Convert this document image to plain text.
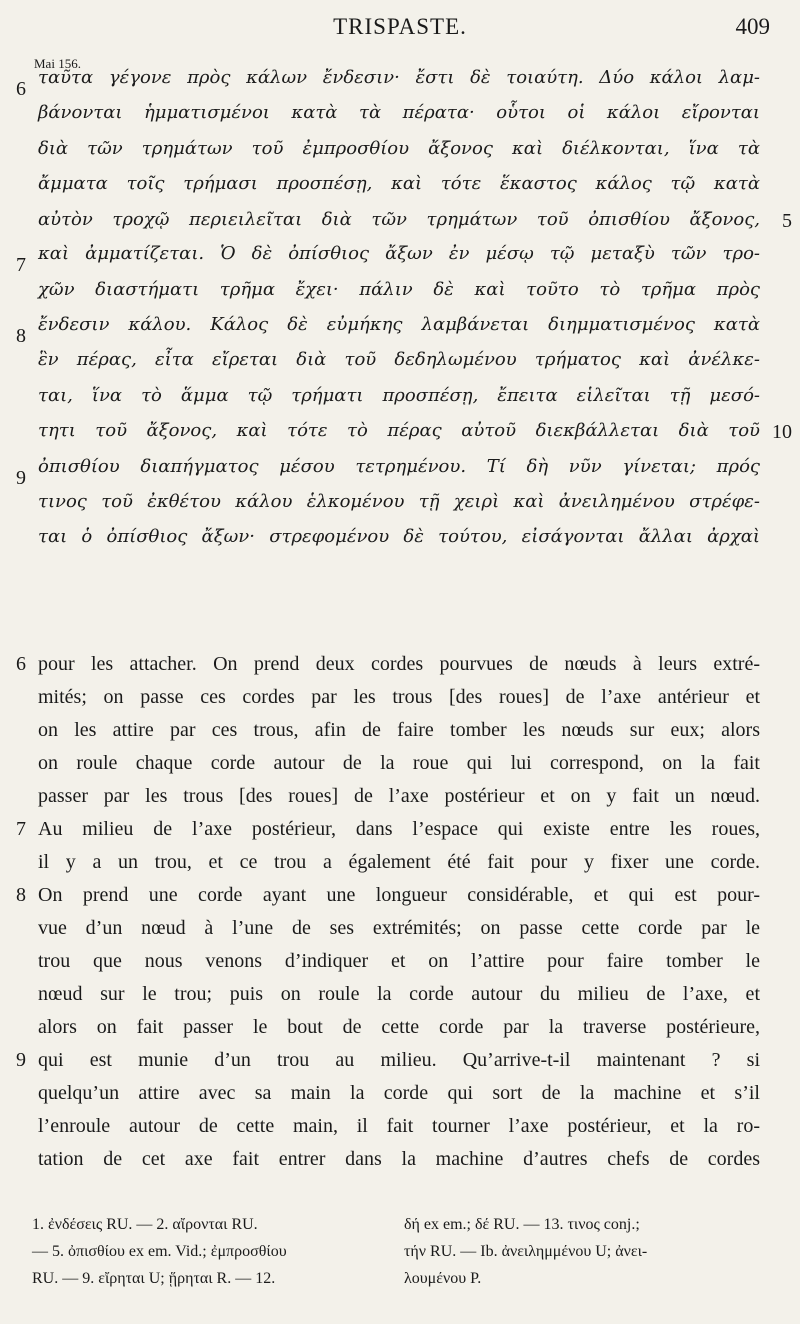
TRISPASTE.	409
Mai 156.
ταῦτα γέγονε πρὸς κάλων ἔνδεσιν· ἔστι δὲ τοιαύτη. Δύο κάλοι λαμ-
βάνονται ἡμματισμένοι κατὰ τὰ πέρατα· οὗτοι οἱ κάλοι εἴρονται
διὰ τῶν τρημάτων τοῦ ἐμπροσθίου ἄξονος καὶ διέλκονται, ἵνα τὰ
ἄμματα τοῖς τρήμασι προσπέσῃ, καὶ τότε ἕκαστος κάλος τῷ κατὰ
αὐτὸν τροχῷ περιειλεῖται διὰ τῶν τρημάτων τοῦ ὀπισθίου ἄξονος,
καὶ ἀμματίζεται. Ὁ δὲ ὀπίσθιος ἄξων ἐν μέσῳ τῷ μεταξὺ τῶν τρο-
χῶν διαστήματι τρῆμα ἔχει· πάλιν δὲ καὶ τοῦτο τὸ τρῆμα πρὸς
ἔνδεσιν κάλου. Κάλος δὲ εὐμήκης λαμβάνεται διημματισμένος κατὰ
ἓν πέρας, εἶτα εἴρεται διὰ τοῦ δεδηλωμένου τρήματος καὶ ἀνέλκε-
ται, ἵνα τὸ ἅμμα τῷ τρήματι προσπέσῃ, ἔπειτα εἱλεῖται τῇ μεσό-
τητι τοῦ ἄξονος, καὶ τότε τὸ πέρας αὐτοῦ διεκβάλλεται διὰ τοῦ
ὀπισθίου διαπήγματος μέσου τετρημένου. Τί δὴ νῦν γίνεται; πρός
τινος τοῦ ἐκθέτου κάλου ἑλκομένου τῇ χειρὶ καὶ ἀνειλημένου στρέφε-
ται ὁ ὀπίσθιος ἄξων· στρεφομένου δὲ τούτου, εἰσάγονται ἄλλαι ἀρχαὶ
6
7
8
9
5
10
pour les attacher. On prend deux cordes pourvues de nœuds à leurs extré-
mités; on passe ces cordes par les trous [des roues] de l’axe antérieur et
on les attire par ces trous, afin de faire tomber les nœuds sur eux; alors
on roule chaque corde autour de la roue qui lui correspond, on la fait
passer par les trous [des roues] de l’axe postérieur et on y fait un nœud.
Au milieu de l’axe postérieur, dans l’espace qui existe entre les roues,
il y a un trou, et ce trou a également été fait pour y fixer une corde.
On prend une corde ayant une longueur considérable, et qui est pour-
vue d’un nœud à l’une de ses extrémités; on passe cette corde par le
trou que nous venons d’indiquer et on l’attire pour faire tomber le
nœud sur le trou; puis on roule la corde autour du milieu de l’axe, et
alors on fait passer le bout de cette corde par la traverse postérieure,
qui est munie d’un trou au milieu. Qu’arrive-t-il maintenant ? si
quelqu’un attire avec sa main la corde qui sort de la machine et s’il
l’enroule autour de cette main, il fait tourner l’axe postérieur, et la ro-
tation de cet axe fait entrer dans la machine d’autres chefs de cordes
6
7
8
9
1. ἐνδέσεις RU. — 2. αἴρονται RU.
— 5. ὀπισθίου ex em. Vid.; ἐμπροσθίου
RU. — 9. εἴρηται U; ᾕρηται R. — 12.
δή ex em.; δέ RU. — 13. τινος conj.;
τήν RU. — Ib. ἀνειλημμένου U; ἀνει-
λουμένου P.
